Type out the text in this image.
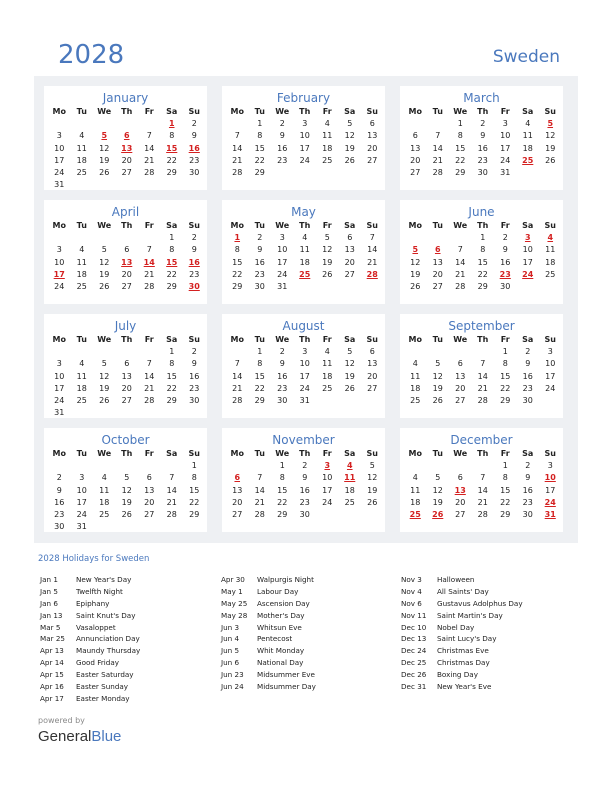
2028	Sweden
January
Mo	Tu	We	Th	Fr	Sa	Su
					1	2
3	4	5	6	7	8	9
10	11	12	13	14	15	16
17	18	19	20	21	22	23
24	25	26	27	28	29	30
31						
February
Mo	Tu	We	Th	Fr	Sa	Su
	1	2	3	4	5	6
7	8	9	10	11	12	13
14	15	16	17	18	19	20
21	22	23	24	25	26	27
28	29					
March
Mo	Tu	We	Th	Fr	Sa	Su
		1	2	3	4	5
6	7	8	9	10	11	12
13	14	15	16	17	18	19
20	21	22	23	24	25	26
27	28	29	30	31		
April
Mo	Tu	We	Th	Fr	Sa	Su
					1	2
3	4	5	6	7	8	9
10	11	12	13	14	15	16
17	18	19	20	21	22	23
24	25	26	27	28	29	30
May
Mo	Tu	We	Th	Fr	Sa	Su
1	2	3	4	5	6	7
8	9	10	11	12	13	14
15	16	17	18	19	20	21
22	23	24	25	26	27	28
29	30	31				
June
Mo	Tu	We	Th	Fr	Sa	Su
			1	2	3	4
5	6	7	8	9	10	11
12	13	14	15	16	17	18
19	20	21	22	23	24	25
26	27	28	29	30		
July
Mo	Tu	We	Th	Fr	Sa	Su
					1	2
3	4	5	6	7	8	9
10	11	12	13	14	15	16
17	18	19	20	21	22	23
24	25	26	27	28	29	30
31						
August
Mo	Tu	We	Th	Fr	Sa	Su
	1	2	3	4	5	6
7	8	9	10	11	12	13
14	15	16	17	18	19	20
21	22	23	24	25	26	27
28	29	30	31			
September
Mo	Tu	We	Th	Fr	Sa	Su
				1	2	3
4	5	6	7	8	9	10
11	12	13	14	15	16	17
18	19	20	21	22	23	24
25	26	27	28	29	30	
October
Mo	Tu	We	Th	Fr	Sa	Su
						1
2	3	4	5	6	7	8
9	10	11	12	13	14	15
16	17	18	19	20	21	22
23	24	25	26	27	28	29
30	31					
November
Mo	Tu	We	Th	Fr	Sa	Su
		1	2	3	4	5
6	7	8	9	10	11	12
13	14	15	16	17	18	19
20	21	22	23	24	25	26
27	28	29	30			
December
Mo	Tu	We	Th	Fr	Sa	Su
				1	2	3
4	5	6	7	8	9	10
11	12	13	14	15	16	17
18	19	20	21	22	23	24
25	26	27	28	29	30	31
2028 Holidays for Sweden
Jan 1	New Year's Day
Jan 5	Twelfth Night
Jan 6	Epiphany
Jan 13 Saint Knut's Day
Mar 5 Vasaloppet
Mar 25 Annunciation Day
Apr 13 Maundy Thursday
Apr 14 Good Friday
Apr 15 Easter Saturday
Apr 16 Easter Sunday
Apr 17 Easter Monday
Apr 30 Walpurgis Night
May 1 Labour Day
May 25 Ascension Day
May 28 Mother's Day
Jun 3 Whitsun Eve
Jun 4 Pentecost
Jun 5 Whit Monday
Jun 6 National Day
Jun 23 Midsummer Eve
Jun 24 Midsummer Day
Nov 3 Halloween
Nov 4 All Saints' Day
Nov 6 Gustavus Adolphus Day
Nov 11 Saint Martin's Day
Dec 10 Nobel Day
Dec 13 Saint Lucy's Day
Dec 24 Christmas Eve
Dec 25 Christmas Day
Dec 26 Boxing Day
Dec 31 New Year's Eve
powered by
GeneralBlue
